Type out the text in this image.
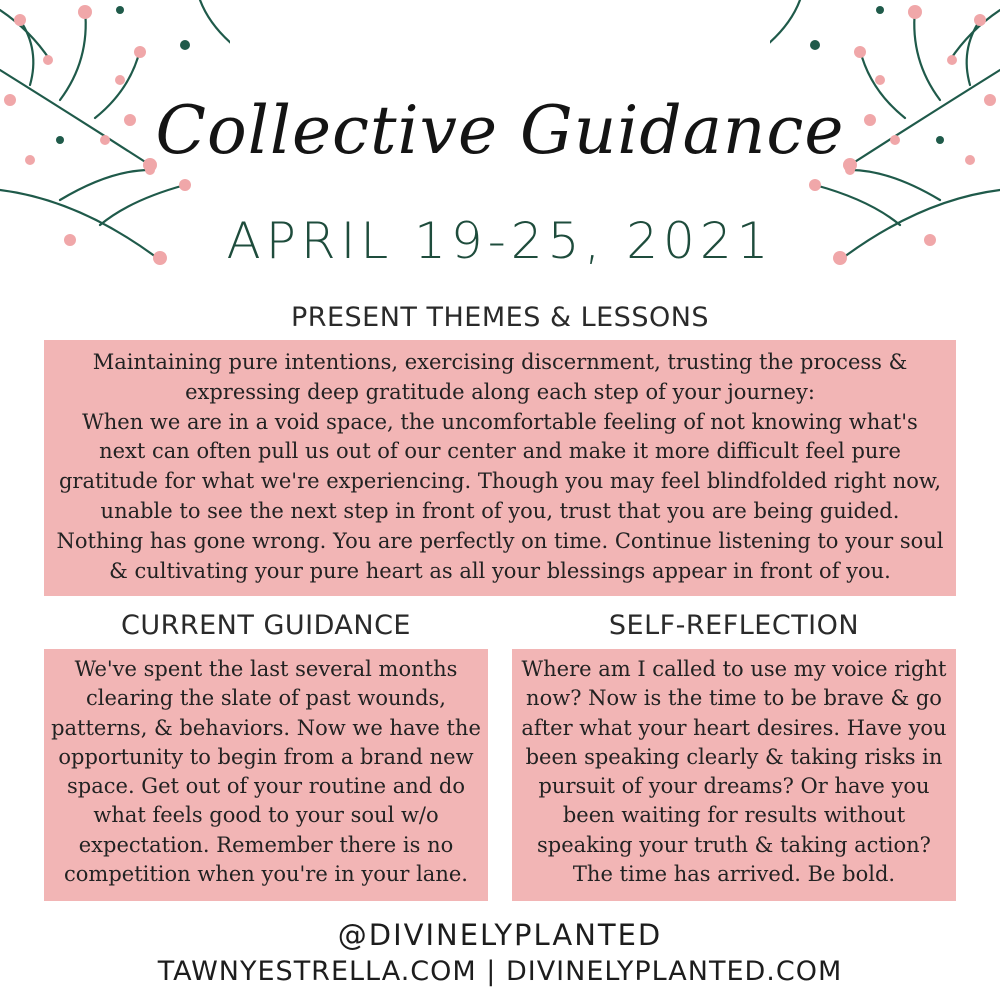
Collective Guidance
APRIL 19-25, 2021
PRESENT THEMES & LESSONS

Maintaining pure intentions, exercising discernment, trusting the process & expressing deep gratitude along each step of your journey:

When we are in a void space, the uncomfortable feeling of not knowing what's next can often pull us out of our center and make it more difficult feel pure gratitude for what we're experiencing. Though you may feel blindfolded right now, unable to see the next step in front of you, trust that you are being guided. Nothing has gone wrong. You are perfectly on time. Continue listening to your soul & cultivating your pure heart as all your blessings appear in front of you.

CURRENT GUIDANCE

We've spent the last several months clearing the slate of past wounds, patterns, & behaviors. Now we have the opportunity to begin from a brand new space. Get out of your routine and do what feels good to your soul w/o expectation. Remember there is no competition when you're in your lane.

SELF-REFLECTION

Where am I called to use my voice right now? Now is the time to be brave & go after what your heart desires. Have you been speaking clearly & taking risks in pursuit of your dreams? Or have you been waiting for results without speaking your truth & taking action? The time has arrived. Be bold.

@DIVINELYPLANTED
TAWNYESTRELLA.COM | DIVINELYPLANTED.COM
